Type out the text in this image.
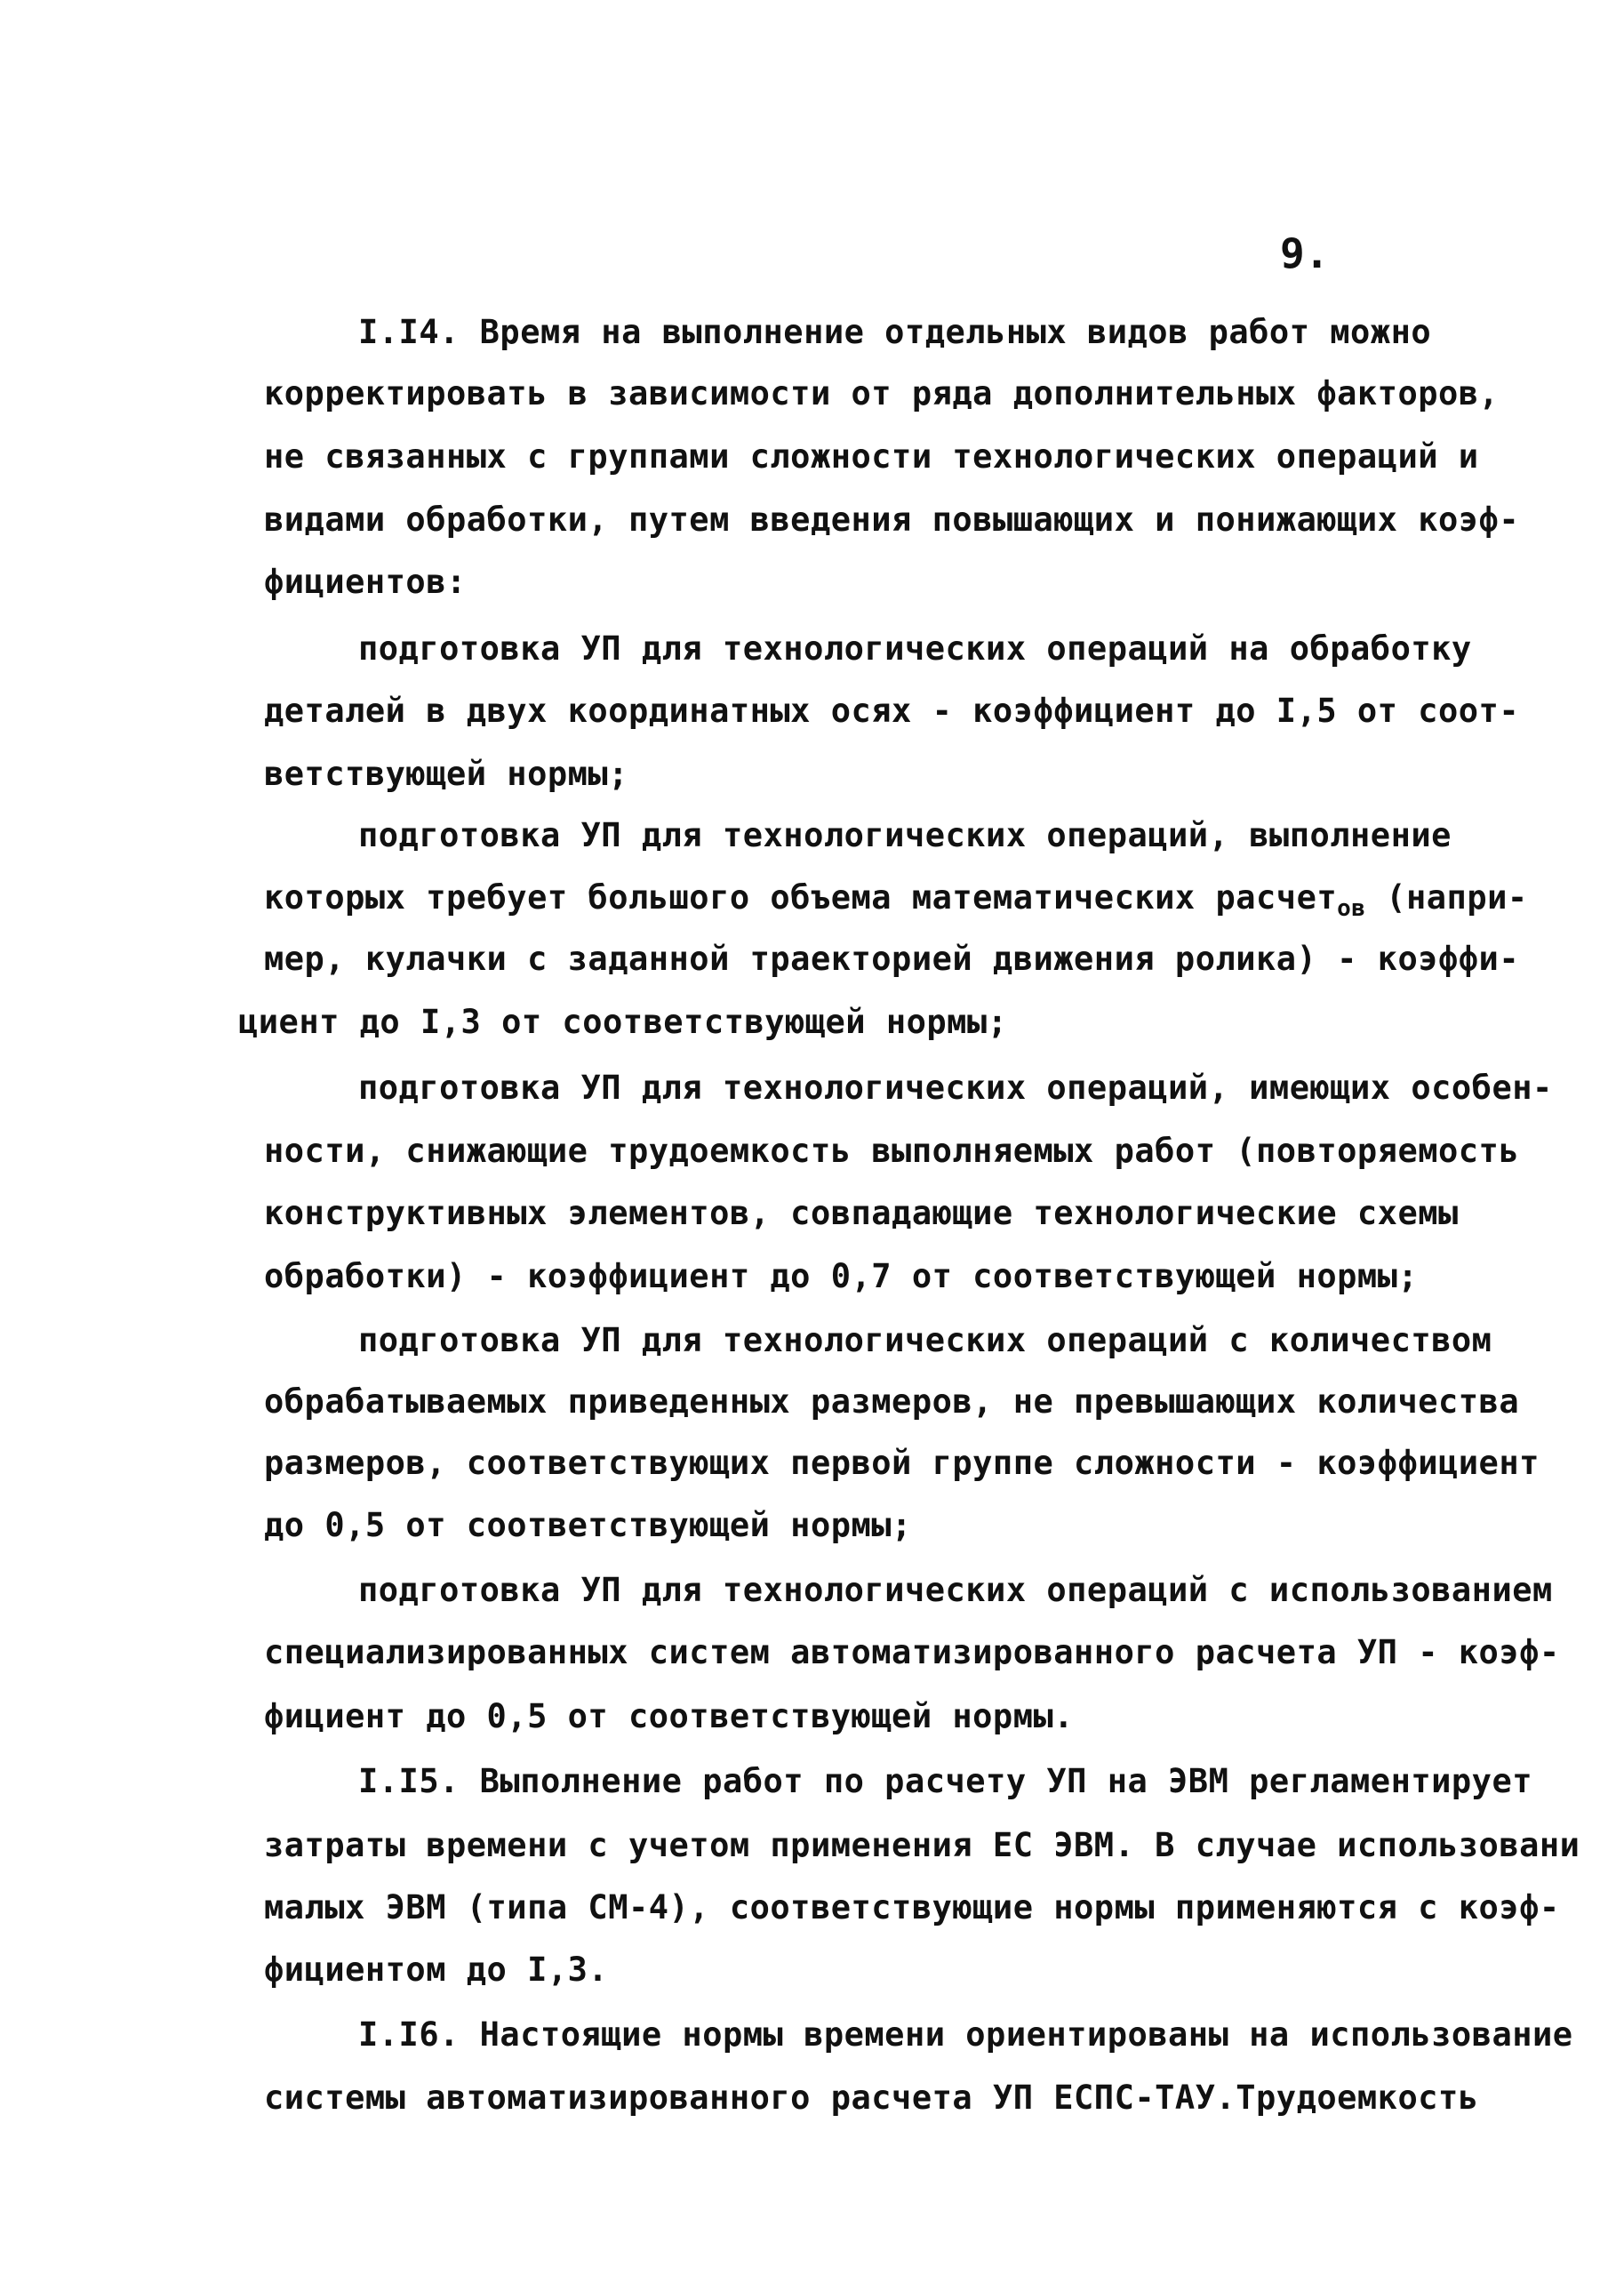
9.
I.I4. Время на выполнение отдельных видов работ можно
корректировать в зависимости от ряда дополнительных факторов,
не связанных с группами сложности технологических операций и
видами обработки, путем введения повышающих и понижающих коэф-
фициентов:
подготовка УП для технологических операций на обработку
деталей в двух координатных осях - коэффициент до I,5 от соот-
ветствующей нормы;
подготовка УП для технологических операций, выполнение
которых требует большого объема математических расчет$_{ов}$ (напри-
мер, кулачки с заданной траекторией движения ролика) - коэффи-
циент до I,3 от соответствующей нормы;
подготовка УП для технологических операций, имеющих особен-
ности, снижающие трудоемкость выполняемых работ (повторяемость
конструктивных элементов, совпадающие технологические схемы
обработки) - коэффициент до 0,7 от соответствующей нормы;
подготовка УП для технологических операций с количеством
обрабатываемых приведенных размеров, не превышающих количества
размеров, соответствующих первой группе сложности - коэффициент
до 0,5 от соответствующей нормы;
подготовка УП для технологических операций с использованием
специализированных систем автоматизированного расчета УП - коэф-
фициент до 0,5 от соответствующей нормы.
I.I5. Выполнение работ по расчету УП на ЭВМ регламентирует
затраты времени с учетом применения ЕС ЭВМ. В случае использовани
малых ЭВМ (типа СМ-4), соответствующие нормы применяются с коэф-
фициентом до I,3.
I.I6. Настоящие нормы времени ориентированы на использование
системы автоматизированного расчета УП ЕСПС-ТАУ.Трудоемкость
